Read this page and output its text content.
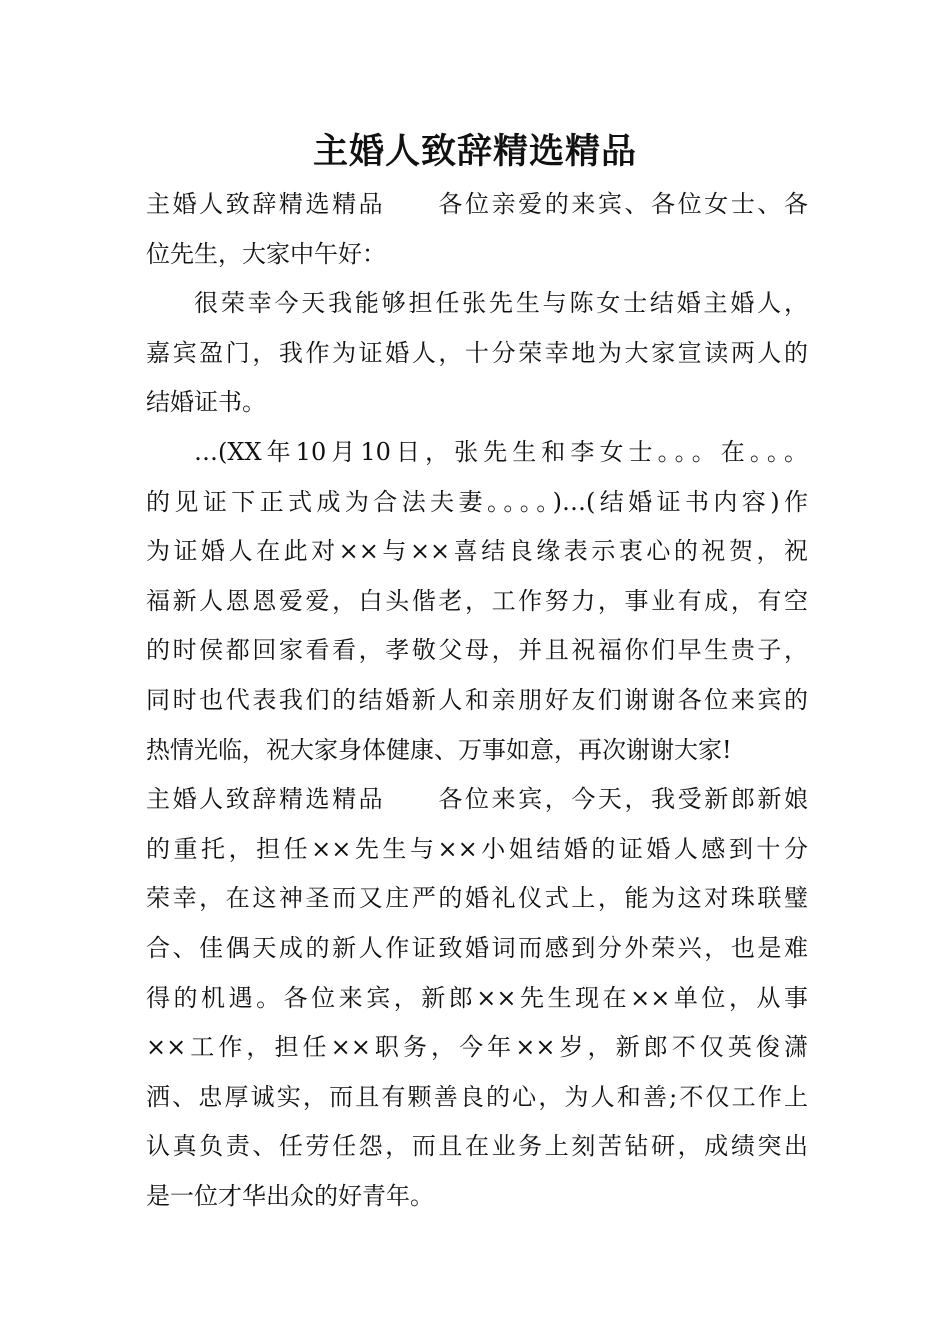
主婚人致辞精选精品
主婚人致辞精选精品　　各位亲爱的来宾、各位女士、各
位先生，大家中午好：
很荣幸今天我能够担任张先生与陈女士结婚主婚人，
嘉宾盈门，我作为证婚人，十分荣幸地为大家宣读两人的
结婚证书。
…(XX年10月10日，张先生和李女士。。。在。。。
的见证下正式成为合法夫妻。。。。)…(结婚证书内容)作
为证婚人在此对××与××喜结良缘表示衷心的祝贺，祝
福新人恩恩爱爱，白头偕老，工作努力，事业有成，有空
的时侯都回家看看，孝敬父母，并且祝福你们早生贵子，
同时也代表我们的结婚新人和亲朋好友们谢谢各位来宾的
热情光临，祝大家身体健康、万事如意，再次谢谢大家!
主婚人致辞精选精品　　各位来宾，今天，我受新郎新娘
的重托，担任××先生与××小姐结婚的证婚人感到十分
荣幸，在这神圣而又庄严的婚礼仪式上，能为这对珠联璧
合、佳偶天成的新人作证致婚词而感到分外荣兴，也是难
得的机遇。各位来宾，新郎××先生现在××单位，从事
××工作，担任××职务，今年××岁，新郎不仅英俊潇
洒、忠厚诚实，而且有颗善良的心，为人和善;不仅工作上
认真负责、任劳任怨，而且在业务上刻苦钻研，成绩突出
是一位才华出众的好青年。
